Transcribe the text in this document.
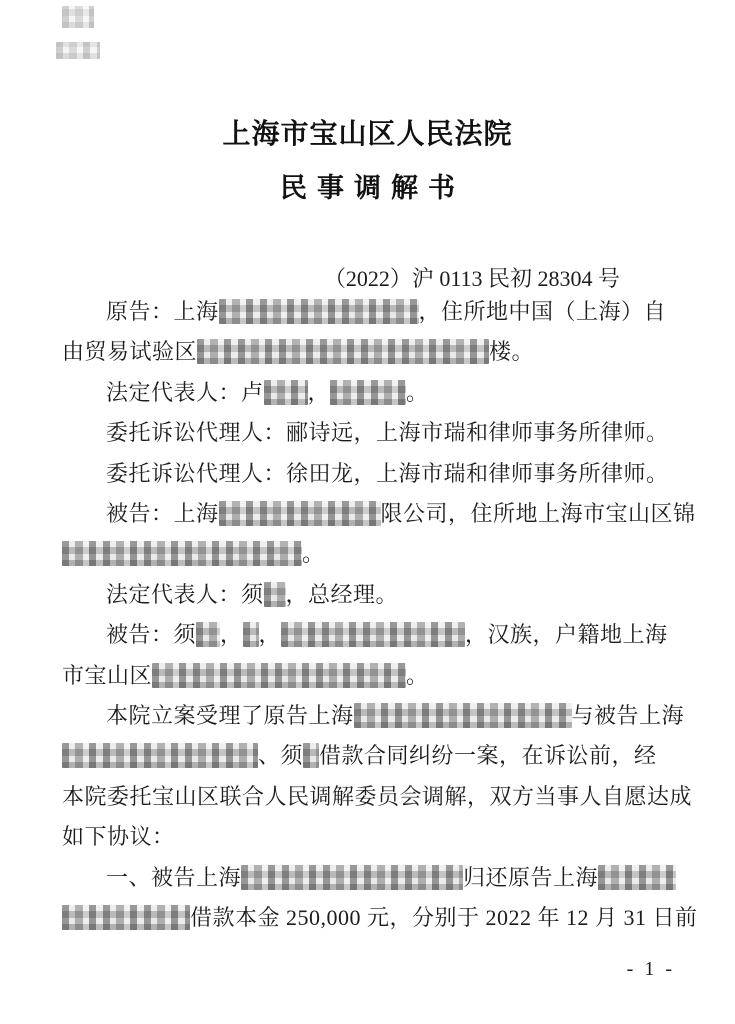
上海市宝山区人民法院
民事调解书
（2022）沪 0113 民初 28304 号
原告：上海	，住所地中国（上海）自
由贸易试验区	楼。
法定代表人：卢 ，	。
委托诉讼代理人：郦诗远，上海市瑞和律师事务所律师。
委托诉讼代理人：徐田龙，上海市瑞和律师事务所律师。
被告：上海	限公司，住所地上海市宝山区锦
。
法定代表人：须 ，总经理。
被告：须 ， ，	，汉族，户籍地上海
市宝山区	。
本院立案受理了原告上海	与被告上海
、须 借款合同纠纷一案，在诉讼前，经
本院委托宝山区联合人民调解委员会调解，双方当事人自愿达成
如下协议：
一、被告上海	归还原告上海
借款本金 250,000 元，分别于 2022 年 12 月 31 日前
- 1 -
